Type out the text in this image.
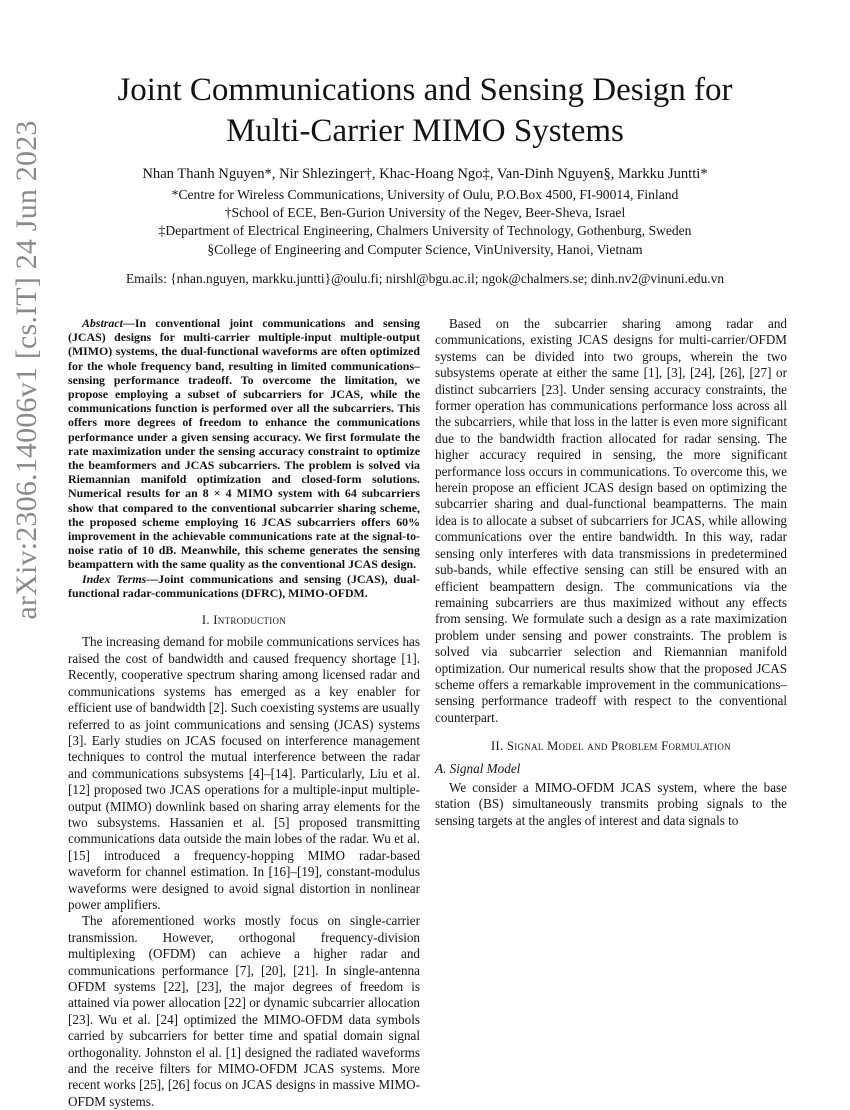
arXiv:2306.14006v1 [cs.IT] 24 Jun 2023
Joint Communications and Sensing Design for
Multi-Carrier MIMO Systems
Nhan Thanh Nguyen*, Nir Shlezinger†, Khac-Hoang Ngo‡, Van-Dinh Nguyen§, Markku Juntti*
*Centre for Wireless Communications, University of Oulu, P.O.Box 4500, FI-90014, Finland
†School of ECE, Ben-Gurion University of the Negev, Beer-Sheva, Israel
‡Department of Electrical Engineering, Chalmers University of Technology, Gothenburg, Sweden
§College of Engineering and Computer Science, VinUniversity, Hanoi, Vietnam
Emails: {nhan.nguyen, markku.juntti}@oulu.fi; nirshl@bgu.ac.il; ngok@chalmers.se; dinh.nv2@vinuni.edu.vn

Abstract—In conventional joint communications and sensing (JCAS) designs for multi-carrier multiple-input multiple-output (MIMO) systems, the dual-functional waveforms are often optimized for the whole frequency band, resulting in limited communications–sensing performance tradeoff. To overcome the limitation, we propose employing a subset of subcarriers for JCAS, while the communications function is performed over all the subcarriers. This offers more degrees of freedom to enhance the communications performance under a given sensing accuracy. We first formulate the rate maximization under the sensing accuracy constraint to optimize the beamformers and JCAS subcarriers. The problem is solved via Riemannian manifold optimization and closed-form solutions. Numerical results for an 8 × 4 MIMO system with 64 subcarriers show that compared to the conventional subcarrier sharing scheme, the proposed scheme employing 16 JCAS subcarriers offers 60% improvement in the achievable communications rate at the signal-to-noise ratio of 10 dB. Meanwhile, this scheme generates the sensing beampattern with the same quality as the conventional JCAS design.

Index Terms—Joint communications and sensing (JCAS), dual-functional radar-communications (DFRC), MIMO-OFDM.

I. Introduction

The increasing demand for mobile communications services has raised the cost of bandwidth and caused frequency shortage [1]. Recently, cooperative spectrum sharing among licensed radar and communications systems has emerged as a key enabler for efficient use of bandwidth [2]. Such coexisting systems are usually referred to as joint communications and sensing (JCAS) systems [3]. Early studies on JCAS focused on interference management techniques to control the mutual interference between the radar and communications subsystems [4]–[14]. Particularly, Liu et al. [12] proposed two JCAS operations for a multiple-input multiple-output (MIMO) downlink based on sharing array elements for the two subsystems. Hassanien et al. [5] proposed transmitting communications data outside the main lobes of the radar. Wu et al. [15] introduced a frequency-hopping MIMO radar-based waveform for channel estimation. In [16]–[19], constant-modulus waveforms were designed to avoid signal distortion in nonlinear power amplifiers.

The aforementioned works mostly focus on single-carrier transmission. However, orthogonal frequency-division multiplexing (OFDM) can achieve a higher radar and communications performance [7], [20], [21]. In single-antenna OFDM systems [22], [23], the major degrees of freedom is attained via power allocation [22] or dynamic subcarrier allocation [23]. Wu et al. [24] optimized the MIMO-OFDM data symbols carried by subcarriers for better time and spatial domain signal orthogonality. Johnston el al. [1] designed the radiated waveforms and the receive filters for MIMO-OFDM JCAS systems. More recent works [25], [26] focus on JCAS designs in massive MIMO-OFDM systems.

Based on the subcarrier sharing among radar and communications, existing JCAS designs for multi-carrier/OFDM systems can be divided into two groups, wherein the two subsystems operate at either the same [1], [3], [24], [26], [27] or distinct subcarriers [23]. Under sensing accuracy constraints, the former operation has communications performance loss across all the subcarriers, while that loss in the latter is even more significant due to the bandwidth fraction allocated for radar sensing. The higher accuracy required in sensing, the more significant performance loss occurs in communications. To overcome this, we herein propose an efficient JCAS design based on optimizing the subcarrier sharing and dual-functional beampatterns. The main idea is to allocate a subset of subcarriers for JCAS, while allowing communications over the entire bandwidth. In this way, radar sensing only interferes with data transmissions in predetermined sub-bands, while effective sensing can still be ensured with an efficient beampattern design. The communications via the remaining subcarriers are thus maximized without any effects from sensing. We formulate such a design as a rate maximization problem under sensing and power constraints. The problem is solved via subcarrier selection and Riemannian manifold optimization. Our numerical results show that the proposed JCAS scheme offers a remarkable improvement in the communications–sensing performance tradeoff with respect to the conventional counterpart.

II. Signal Model and Problem Formulation
A. Signal Model

We consider a MIMO-OFDM JCAS system, where the base station (BS) simultaneously transmits probing signals to the sensing targets at the angles of interest and data signals to
